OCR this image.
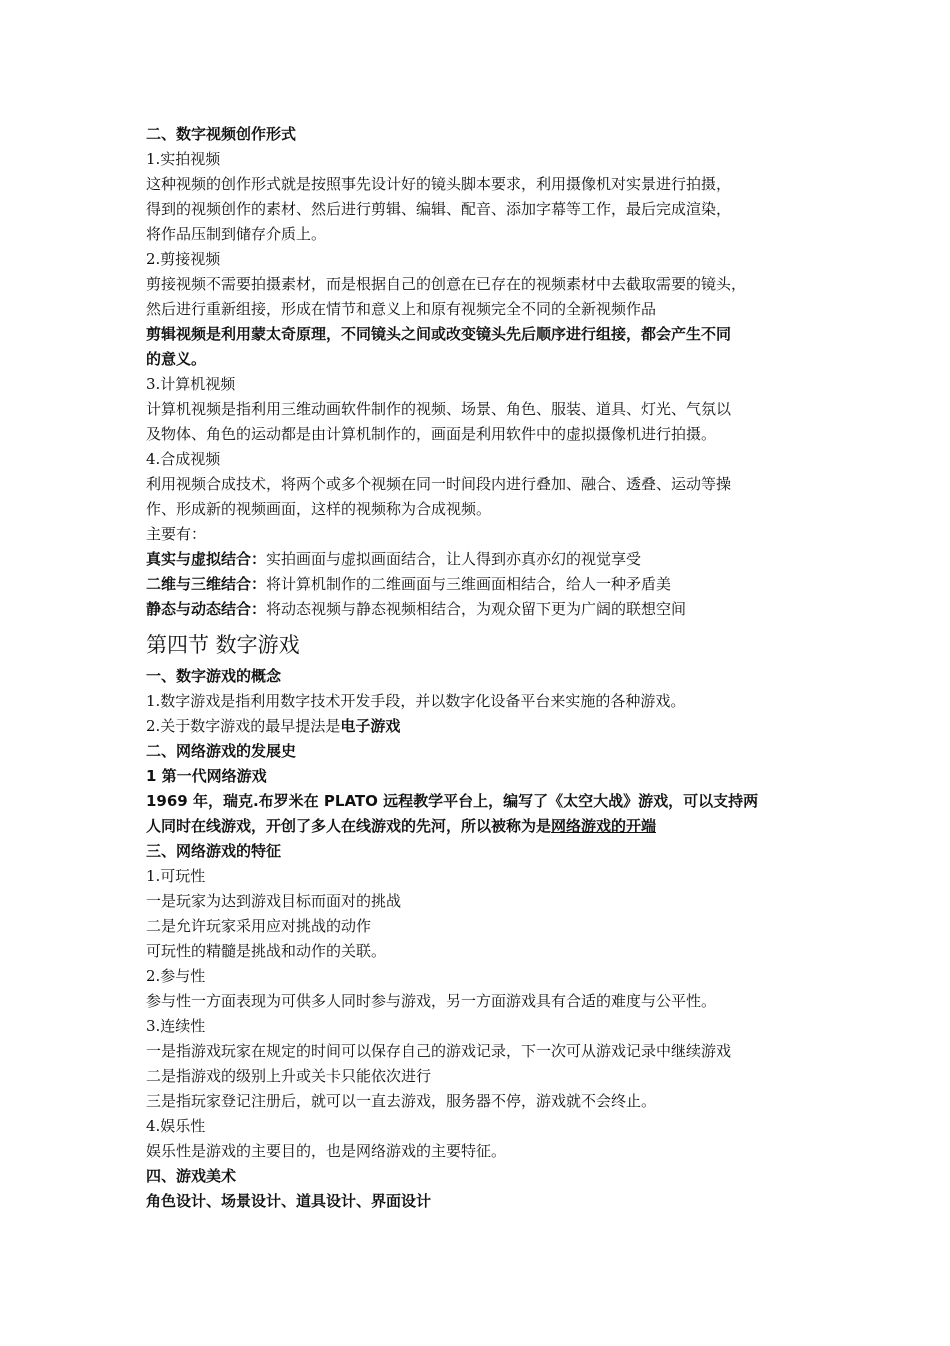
二、数字视频创作形式
1.实拍视频
这种视频的创作形式就是按照事先设计好的镜头脚本要求，利用摄像机对实景进行拍摄，
得到的视频创作的素材、然后进行剪辑、编辑、配音、添加字幕等工作，最后完成渲染，
将作品压制到储存介质上。
2.剪接视频
剪接视频不需要拍摄素材，而是根据自己的创意在已存在的视频素材中去截取需要的镜头，
然后进行重新组接，形成在情节和意义上和原有视频完全不同的全新视频作品
剪辑视频是利用蒙太奇原理，不同镜头之间或改变镜头先后顺序进行组接，都会产生不同
的意义。
3.计算机视频
计算机视频是指利用三维动画软件制作的视频、场景、角色、服装、道具、灯光、气氛以
及物体、角色的运动都是由计算机制作的，画面是利用软件中的虚拟摄像机进行拍摄。
4.合成视频
利用视频合成技术，将两个或多个视频在同一时间段内进行叠加、融合、透叠、运动等操
作、形成新的视频画面，这样的视频称为合成视频。
主要有：
真实与虚拟结合：实拍画面与虚拟画面结合，让人得到亦真亦幻的视觉享受
二维与三维结合：将计算机制作的二维画面与三维画面相结合，给人一种矛盾美
静态与动态结合：将动态视频与静态视频相结合，为观众留下更为广阔的联想空间
第四节 数字游戏
一、数字游戏的概念
1.数字游戏是指利用数字技术开发手段，并以数字化设备平台来实施的各种游戏。
2.关于数字游戏的最早提法是电子游戏
二、网络游戏的发展史
1 第一代网络游戏
1969 年，瑞克.布罗米在 PLATO 远程教学平台上，编写了《太空大战》游戏，可以支持两
人同时在线游戏，开创了多人在线游戏的先河，所以被称为是网络游戏的开端
三、网络游戏的特征
1.可玩性
一是玩家为达到游戏目标而面对的挑战
二是允许玩家采用应对挑战的动作
可玩性的精髓是挑战和动作的关联。
2.参与性
参与性一方面表现为可供多人同时参与游戏，另一方面游戏具有合适的难度与公平性。
3.连续性
一是指游戏玩家在规定的时间可以保存自己的游戏记录，下一次可从游戏记录中继续游戏
二是指游戏的级别上升或关卡只能依次进行
三是指玩家登记注册后，就可以一直去游戏，服务器不停，游戏就不会终止。
4.娱乐性
娱乐性是游戏的主要目的，也是网络游戏的主要特征。
四、游戏美术
角色设计、场景设计、道具设计、界面设计
